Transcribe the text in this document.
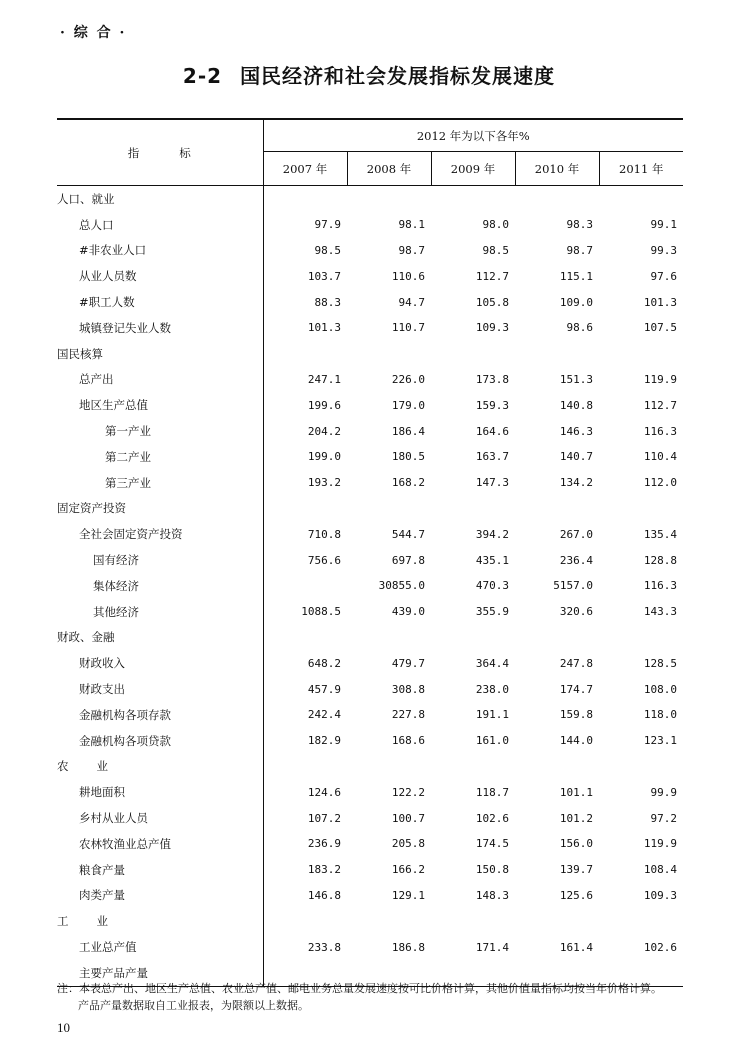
· 综 合 ·
2-2 国民经济和社会发展指标发展速度
指标	2012 年为以下各年%				
	2007 年	2008 年	2009 年	2010 年	2011 年
人口、就业					
总人口	97.9	98.1	98.0	98.3	99.1
#非农业人口	98.5	98.7	98.5	98.7	99.3
从业人员数	103.7	110.6	112.7	115.1	97.6
#职工人数	88.3	94.7	105.8	109.0	101.3
城镇登记失业人数	101.3	110.7	109.3	98.6	107.5
国民核算					
总产出	247.1	226.0	173.8	151.3	119.9
地区生产总值	199.6	179.0	159.3	140.8	112.7
第一产业	204.2	186.4	164.6	146.3	116.3
第二产业	199.0	180.5	163.7	140.7	110.4
第三产业	193.2	168.2	147.3	134.2	112.0
固定资产投资					
全社会固定资产投资	710.8	544.7	394.2	267.0	135.4
国有经济	756.6	697.8	435.1	236.4	128.8
集体经济		30855.0	470.3	5157.0	116.3
其他经济	1088.5	439.0	355.9	320.6	143.3
财政、金融					
财政收入	648.2	479.7	364.4	247.8	128.5
财政支出	457.9	308.8	238.0	174.7	108.0
金融机构各项存款	242.4	227.8	191.1	159.8	118.0
金融机构各项贷款	182.9	168.6	161.0	144.0	123.1
农业					
耕地面积	124.6	122.2	118.7	101.1	99.9
乡村从业人员	107.2	100.7	102.6	101.2	97.2
农林牧渔业总产值	236.9	205.8	174.5	156.0	119.9
粮食产量	183.2	166.2	150.8	139.7	108.4
肉类产量	146.8	129.1	148.3	125.6	109.3
工业					
工业总产值	233.8	186.8	171.4	161.4	102.6
主要产品产量					
注：本表总产出、地区生产总值、农业总产值、邮电业务总量发展速度按可比价格计算，其他价值量指标均按当年价格计算。
产品产量数据取自工业报表，为限额以上数据。
10
